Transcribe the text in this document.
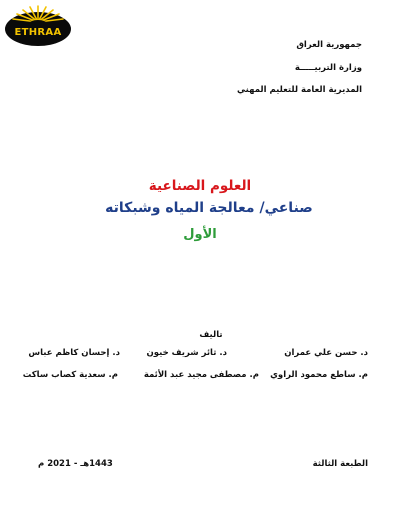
ETHRAA
جمهورية العراق
وزارة التربيـــــة
المديرية العامة للتعليم المهني
العلوم الصناعية
صناعي/ معالجة المياه وشبكاته
الأول
تاليف
د. حسن علي عمران
د. ثائر شريف خيون
د. إحسان كاظم عباس
م. ساطع محمود الراوي
م. مصطفى مجيد عبد الأئمة
م. سعدية كصاب ساكت
الطبعة الثالثة
1443هـ - 2021 م
